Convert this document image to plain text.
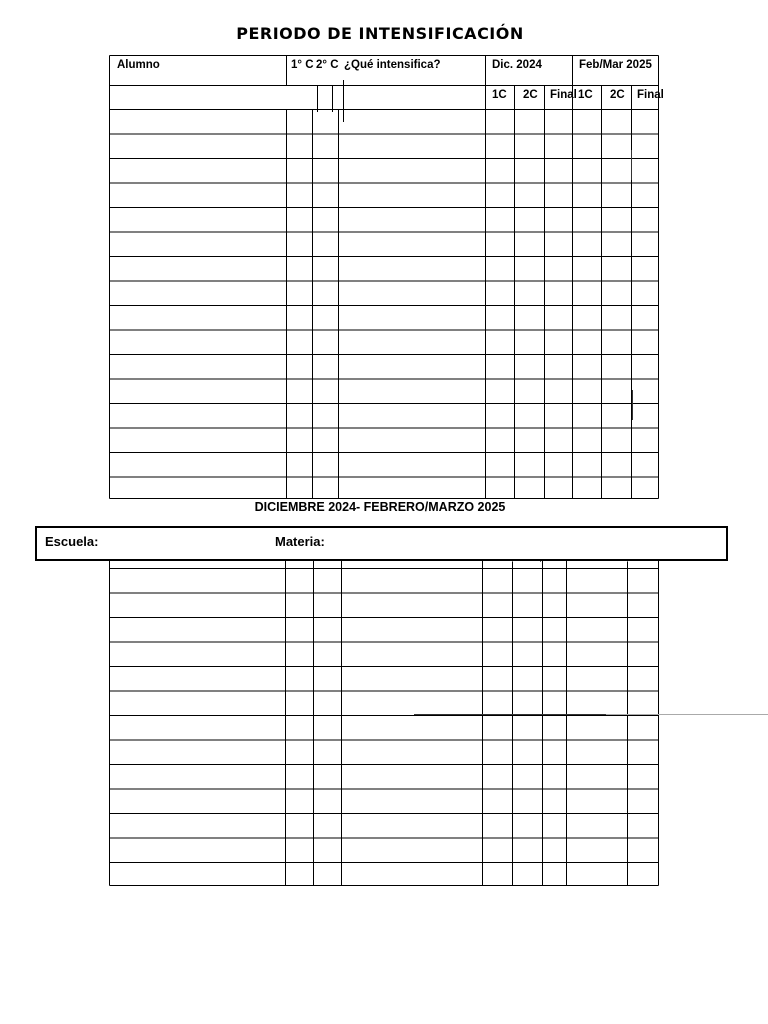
PERIODO DE INTENSIFICACIÓN
Alumno	1° C 2° C ¿Qué intensifica?	Dic. 2024	Feb/Mar 2025
1C 2C Final 1C 2C Final
DICIEMBRE 2024- FEBRERO/MARZO 2025
Escuela:	Materia:
